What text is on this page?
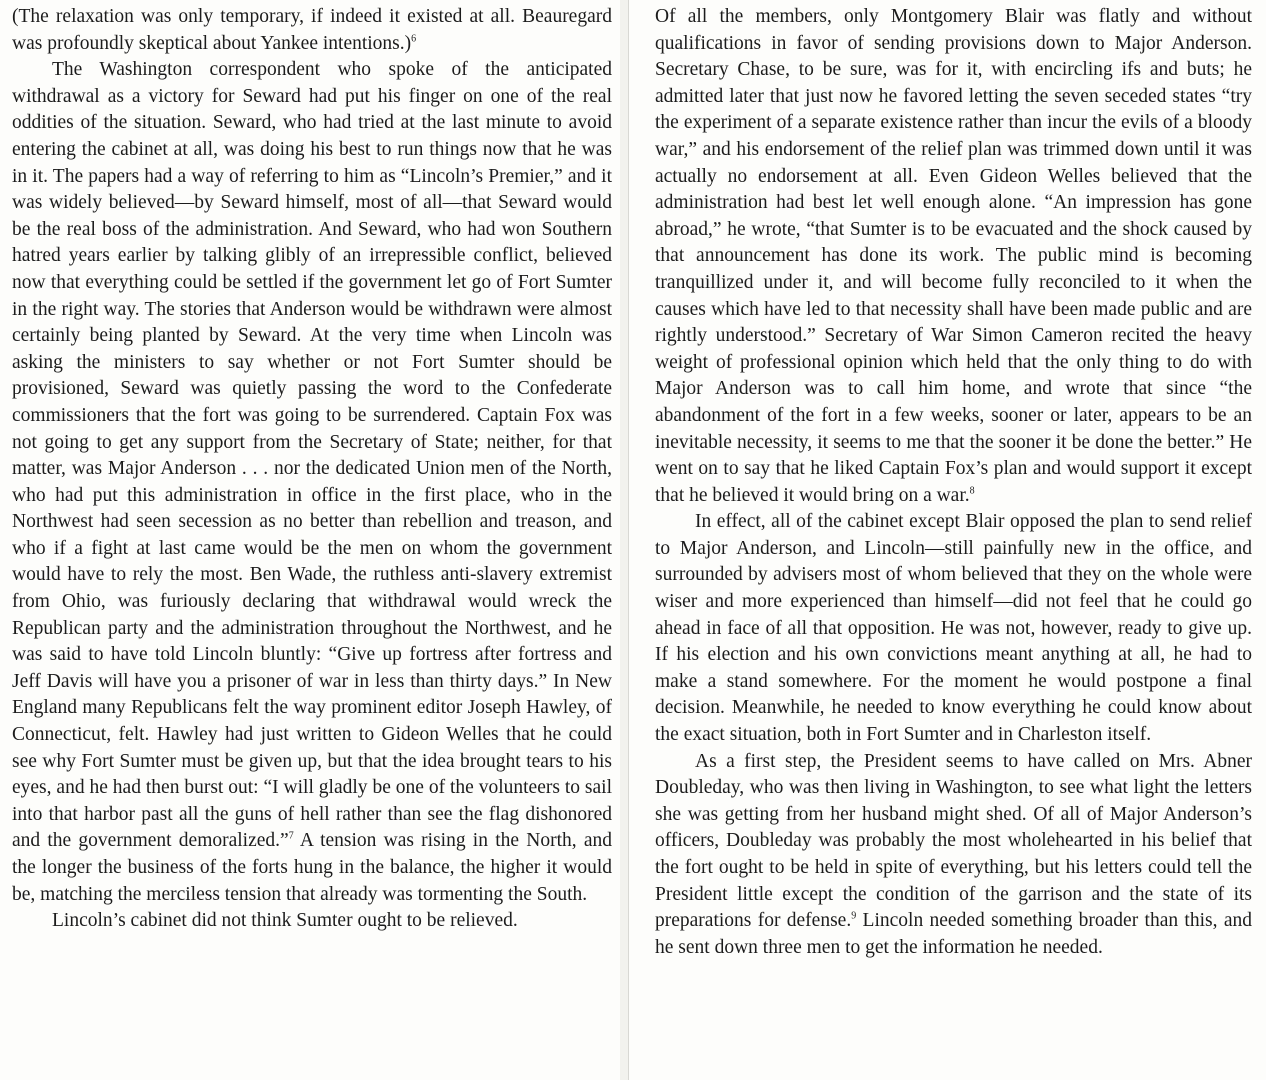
(The relaxation was only temporary, if indeed it existed at all. Beauregard was profoundly skeptical about Yankee intentions.)$^6$

The Washington correspondent who spoke of the anticipated withdrawal as a victory for Seward had put his finger on one of the real oddities of the situation. Seward, who had tried at the last minute to avoid entering the cabinet at all, was doing his best to run things now that he was in it. The papers had a way of referring to him as “Lincoln’s Premier,” and it was widely believed—by Seward himself, most of all—that Seward would be the real boss of the administration. And Seward, who had won Southern hatred years earlier by talking glibly of an irrepressible conflict, believed now that everything could be settled if the government let go of Fort Sumter in the right way. The stories that Anderson would be withdrawn were almost certainly being planted by Seward. At the very time when Lincoln was asking the ministers to say whether or not Fort Sumter should be provisioned, Seward was quietly passing the word to the Confederate commissioners that the fort was going to be surrendered. Captain Fox was not going to get any support from the Secretary of State; neither, for that matter, was Major Anderson . . . nor the dedicated Union men of the North, who had put this administration in office in the first place, who in the Northwest had seen secession as no better than rebellion and treason, and who if a fight at last came would be the men on whom the government would have to rely the most. Ben Wade, the ruthless anti-slavery extremist from Ohio, was furiously declaring that withdrawal would wreck the Republican party and the administration throughout the Northwest, and he was said to have told Lincoln bluntly: “Give up fortress after fortress and Jeff Davis will have you a prisoner of war in less than thirty days.” In New England many Republicans felt the way prominent editor Joseph Hawley, of Connecticut, felt. Hawley had just written to Gideon Welles that he could see why Fort Sumter must be given up, but that the idea brought tears to his eyes, and he had then burst out: “I will gladly be one of the volunteers to sail into that harbor past all the guns of hell rather than see the flag dishonored and the government demoralized.”$^7$ A tension was rising in the North, and the longer the business of the forts hung in the balance, the higher it would be, matching the merciless tension that already was tormenting the South.

Lincoln’s cabinet did not think Sumter ought to be relieved.

Of all the members, only Montgomery Blair was flatly and without qualifications in favor of sending provisions down to Major Anderson. Secretary Chase, to be sure, was for it, with encircling ifs and buts; he admitted later that just now he favored letting the seven seceded states “try the experiment of a separate existence rather than incur the evils of a bloody war,” and his endorsement of the relief plan was trimmed down until it was actually no endorsement at all. Even Gideon Welles believed that the administration had best let well enough alone. “An impression has gone abroad,” he wrote, “that Sumter is to be evacuated and the shock caused by that announcement has done its work. The public mind is becoming tranquillized under it, and will become fully reconciled to it when the causes which have led to that necessity shall have been made public and are rightly understood.” Secretary of War Simon Cameron recited the heavy weight of professional opinion which held that the only thing to do with Major Anderson was to call him home, and wrote that since “the abandonment of the fort in a few weeks, sooner or later, appears to be an inevitable necessity, it seems to me that the sooner it be done the better.” He went on to say that he liked Captain Fox’s plan and would support it except that he believed it would bring on a war.$^8$

In effect, all of the cabinet except Blair opposed the plan to send relief to Major Anderson, and Lincoln—still painfully new in the office, and surrounded by advisers most of whom believed that they on the whole were wiser and more experienced than himself—did not feel that he could go ahead in face of all that opposition. He was not, however, ready to give up. If his election and his own convictions meant anything at all, he had to make a stand somewhere. For the moment he would postpone a final decision. Meanwhile, he needed to know everything he could know about the exact situation, both in Fort Sumter and in Charleston itself.

As a first step, the President seems to have called on Mrs. Abner Doubleday, who was then living in Washington, to see what light the letters she was getting from her husband might shed. Of all of Major Anderson’s officers, Doubleday was probably the most wholehearted in his belief that the fort ought to be held in spite of everything, but his letters could tell the President little except the condition of the garrison and the state of its preparations for defense.$^9$ Lincoln needed something broader than this, and he sent down three men to get the information he needed.
